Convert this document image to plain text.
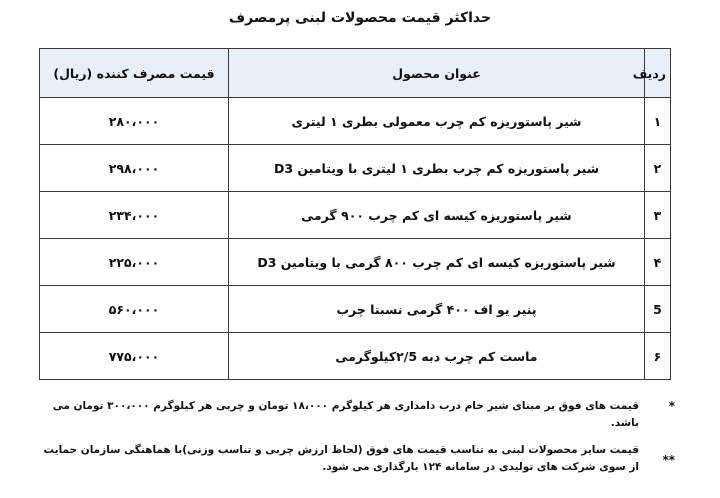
حداکثر قیمت محصولات لبنی پرمصرف
ردیف	عنوان محصول	قیمت مصرف کننده (ریال)
۱	شیر پاستوریزه کم چرب معمولی بطری ۱ لیتری	۲۸۰،۰۰۰
۲	شیر پاستوریزه کم چرب بطری ۱ لیتری با ویتامین D3	۲۹۸،۰۰۰
۳	شیر پاستوریزه کیسه ای کم چرب ۹۰۰ گرمی	۲۳۴،۰۰۰
۴	شیر پاستوریزه کیسه ای کم چرب ۸۰۰ گرمی با ویتامین D3	۲۲۵،۰۰۰
5	پنیر یو اف ۴۰۰ گرمی نسبتا چرب	۵۶۰،۰۰۰
۶	ماست کم چرب دبه ۲/5کیلوگرمی	۷۷۵،۰۰۰
*
قیمت های فوق بر مبنای شیر خام درب دامداری هر کیلوگرم ۱۸،۰۰۰ تومان و چربی هر کیلوگرم ۳۰۰،۰۰۰ تومان می باشد.
**
قیمت سایر محصولات لبنی به تناسب قیمت های فوق (لحاظ ارزش چربی و تناسب وزنی)با هماهنگی سازمان حمایت از سوی شرکت های تولیدی در سامانه ۱۲۴ بارگذاری می شود.
